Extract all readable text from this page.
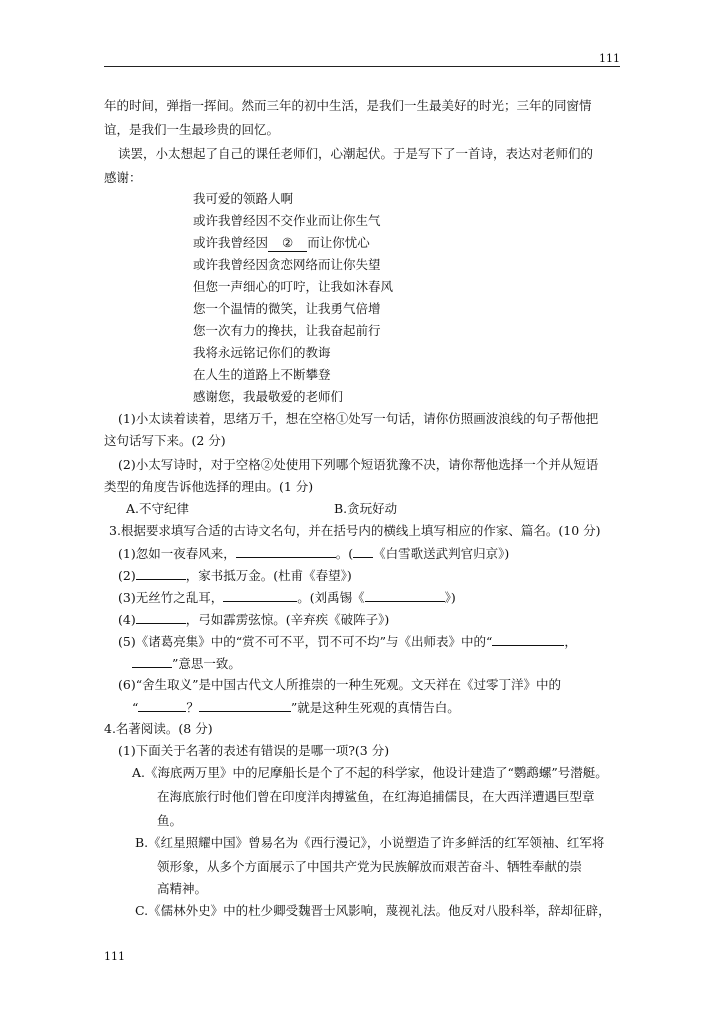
111
年的时间，弹指一挥间。然而三年的初中生活，是我们一生最美好的时光；三年的同窗情
谊，是我们一生最珍贵的回忆。
读罢，小太想起了自己的课任老师们，心潮起伏。于是写下了一首诗，表达对老师们的
感谢：
我可爱的领路人啊
或许我曾经因不交作业而让你生气
或许我曾经因 ② 而让你忧心
或许我曾经因贪恋网络而让你失望
但您一声细心的叮咛，让我如沐春风
您一个温情的微笑，让我勇气倍增
您一次有力的搀扶，让我奋起前行
我将永远铭记你们的教诲
在人生的道路上不断攀登
感谢您，我最敬爱的老师们
(1)小太读着读着，思绪万千，想在空格①处写一句话，请你仿照画波浪线的句子帮他把
这句话写下来。(2 分)
(2)小太写诗时，对于空格②处使用下列哪个短语犹豫不决，请你帮他选择一个并从短语
类型的角度告诉他选择的理由。(1 分)
A.不守纪律	B.贪玩好动
3.根据要求填写合适的古诗文名句，并在括号内的横线上填写相应的作家、篇名。(10 分)
(1)忽如一夜春风来，	。( 《白雪歌送武判官归京》)
(2)	，家书抵万金。(杜甫《春望》)
(3)无丝竹之乱耳，	。(刘禹锡《	》)
(4)	，弓如霹雳弦惊。(辛弃疾《破阵子》)
(5)《诸葛亮集》中的“赏不可不平，罚不可不均”与《出师表》中的“	，
”意思一致。
(6)“舍生取义”是中国古代文人所推崇的一种生死观。文天祥在《过零丁洋》中的
“	？	”就是这种生死观的真情告白。
4.名著阅读。(8 分)
(1)下面关于名著的表述有错误的是哪一项?(3 分)
A.《海底两万里》中的尼摩船长是个了不起的科学家，他设计建造了“鹦鹉螺”号潜艇。
在海底旅行时他们曾在印度洋肉搏鲨鱼，在红海追捕儒艮，在大西洋遭遇巨型章
鱼。
B.《红星照耀中国》曾易名为《西行漫记》，小说塑造了许多鲜活的红军领袖、红军将
领形象，从多个方面展示了中国共产党为民族解放而艰苦奋斗、牺牲奉献的崇
高精神。
C.《儒林外史》中的杜少卿受魏晋士风影响，蔑视礼法。他反对八股科举，辞却征辟，
111
